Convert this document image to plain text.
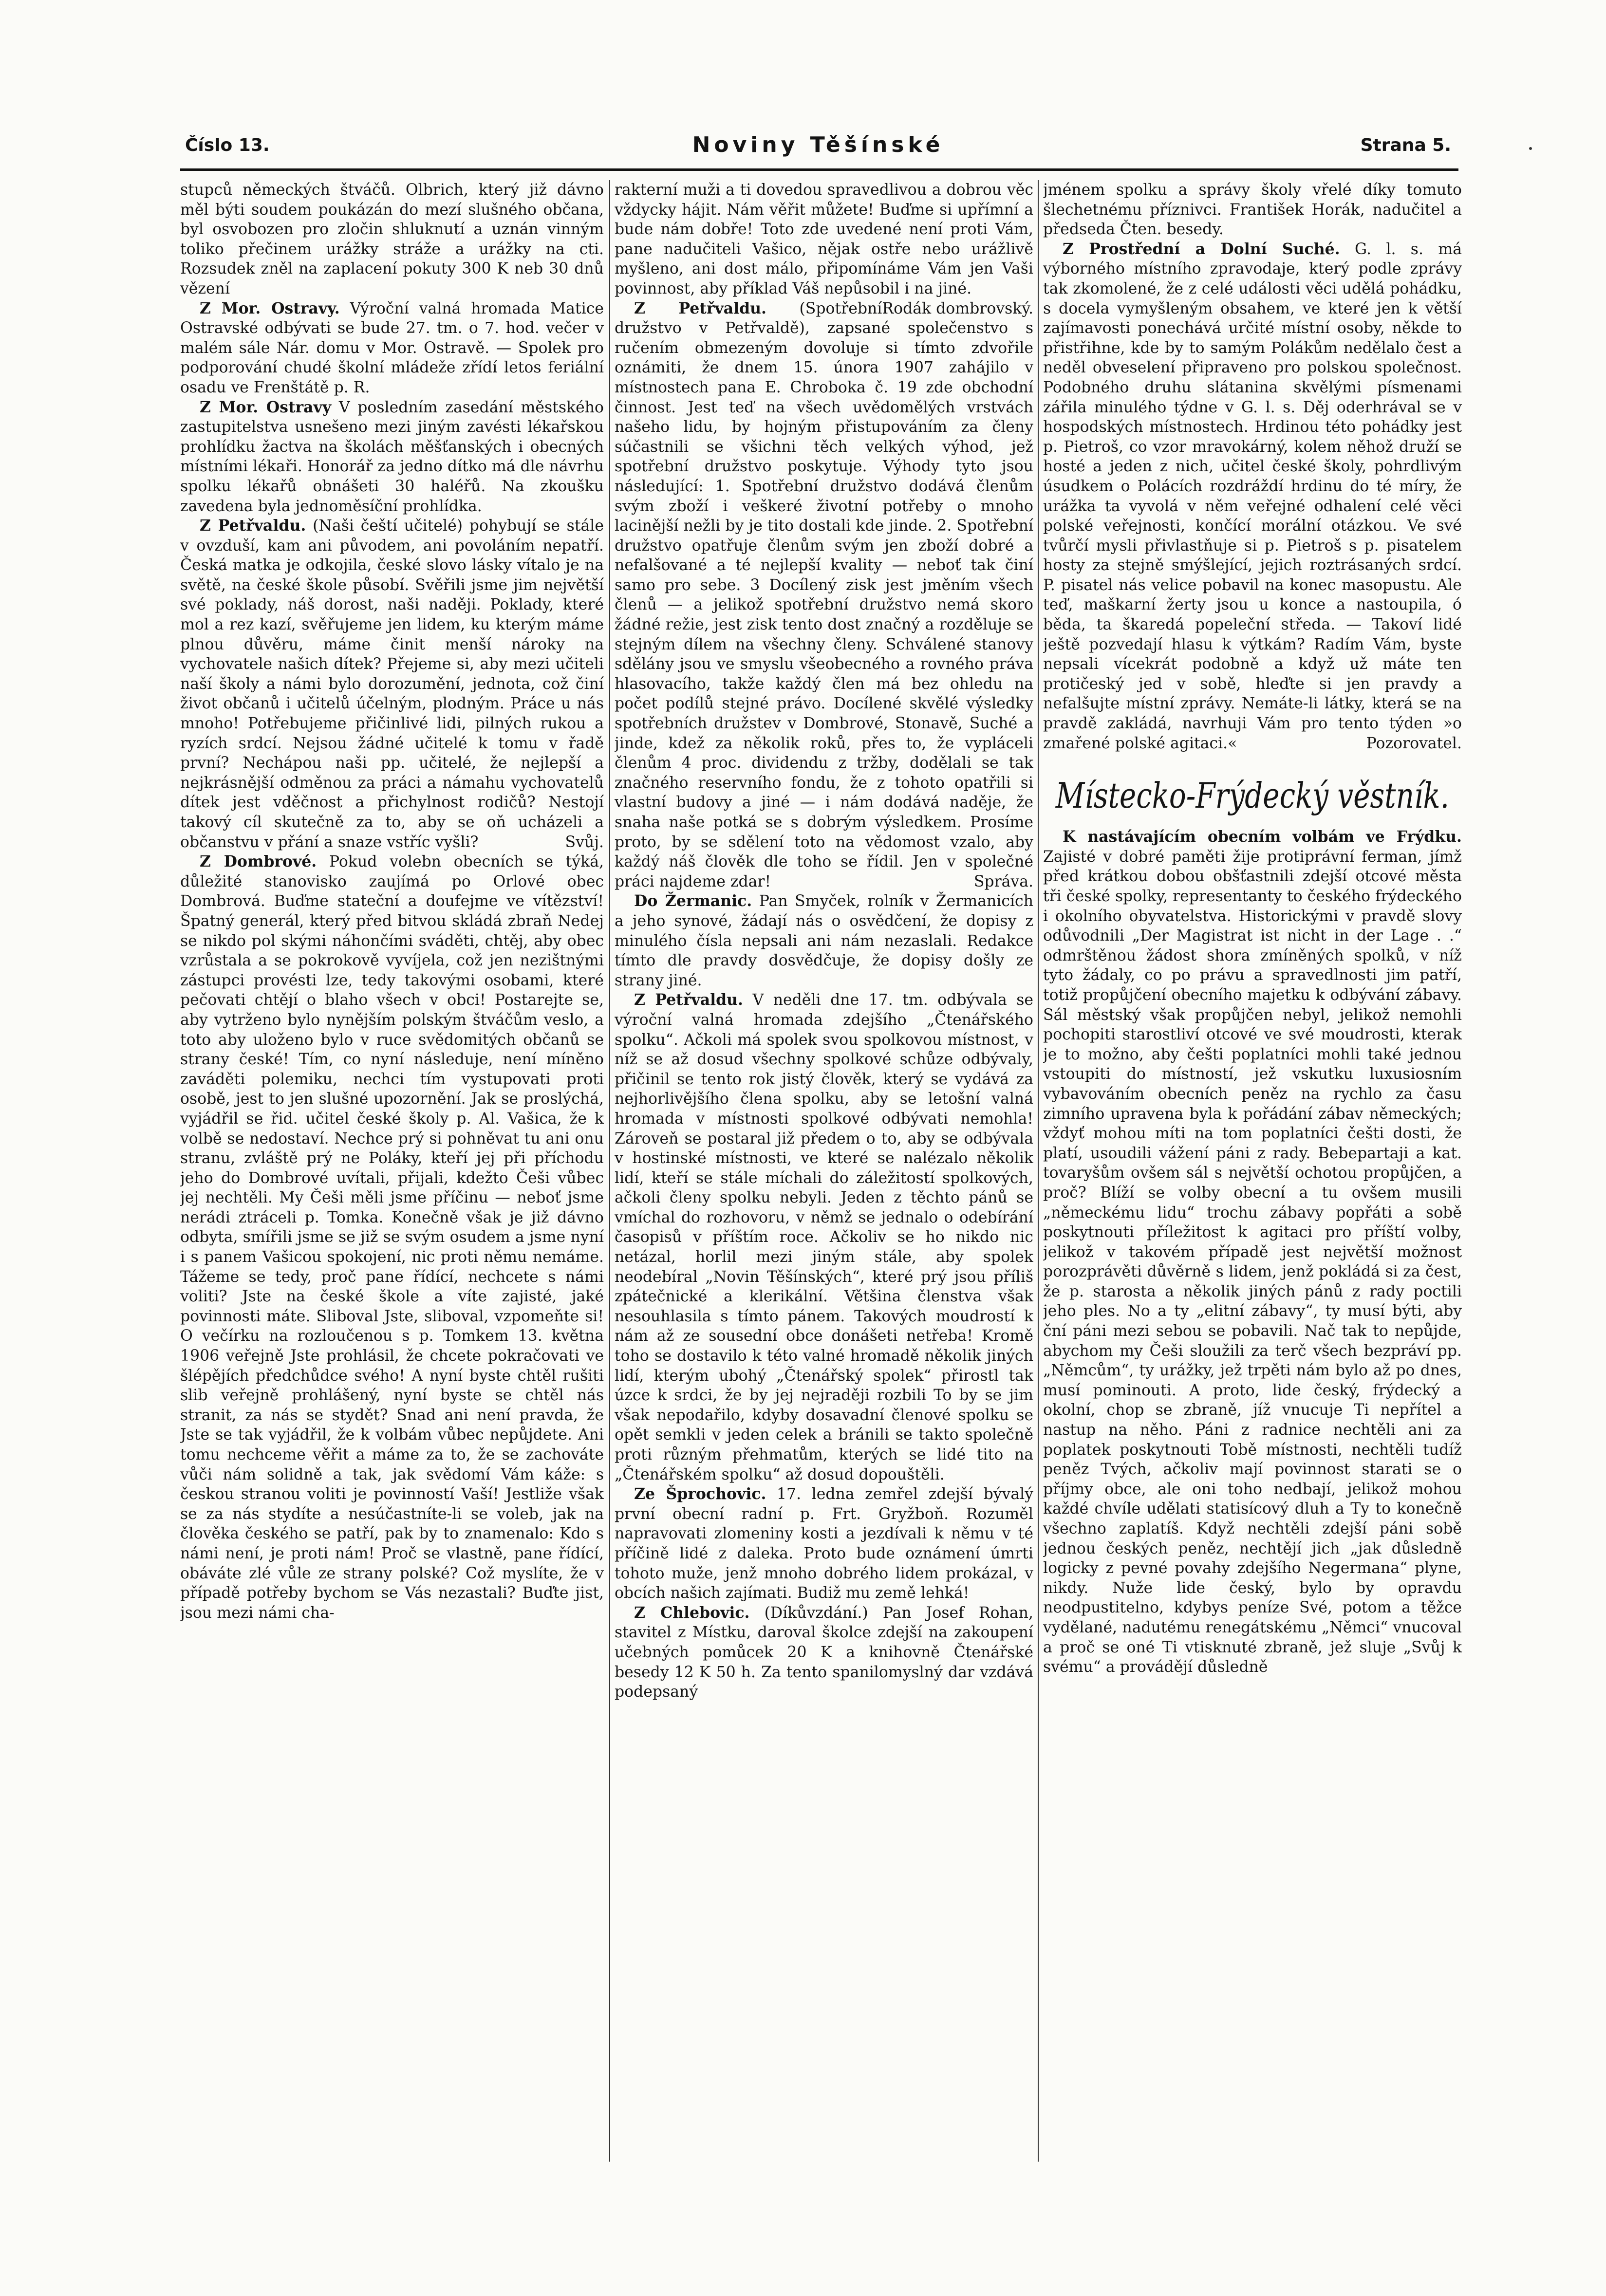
Číslo 13.	Noviny Těšínské	Strana 5.

stupců německých štváčů. Olbrich, který již dávno měl býti soudem poukázán do mezí slušného občana, byl osvobozen pro zločin shluknutí a uznán vinným toliko přečinem urážky stráže a urážky na cti. Rozsudek zněl na zaplacení pokuty 300 K neb 30 dnů vězení

Z Mor. Ostravy. Výroční valná hromada Matice Ostravské odbývati se bude 27. tm. o 7. hod. večer v malém sále Nár. domu v Mor. Ostravě. — Spolek pro podporování chudé školní mládeže zřídí letos feriální osadu ve Frenštátě p. R.

Z Mor. Ostravy V posledním zasedání městského zastupitelstva usnešeno mezi jiným zavésti lékařskou prohlídku žactva na školách měšťanských i obecných místními lékaři. Honorář za jedno dítko má dle návrhu spolku lékařů obnášeti 30 haléřů. Na zkoušku zavedena byla jednoměsíční prohlídka.

Z Petřvaldu. (Naši čeští učitelé) pohybují se stále v ovzduší, kam ani původem, ani povoláním nepatří. Česká matka je odkojila, české slovo lásky vítalo je na světě, na české škole působí. Svěřili jsme jim největší své poklady, náš dorost, naši naději. Poklady, které mol a rez kazí, svěřujeme jen lidem, ku kterým máme plnou důvěru, máme činit menší nároky na vychovatele našich dítek? Přejeme si, aby mezi učiteli naší školy a námi bylo dorozumění, jednota, což činí život občanů i učitelů účelným, plodným. Práce u nás mnoho! Potřebujeme přičinlivé lidi, pilných rukou a ryzích srdcí. Nejsou žádné učitelé k tomu v řadě první? Nechápou naši pp. učitelé, že nejlepší a nejkrásnější odměnou za práci a námahu vychovatelů dítek jest vděčnost a přichylnost rodičů? Nestojí takový cíl skutečně za to, aby se oň ucházeli a občanstvu v přání a snaze vstříc vyšli?	Svůj.

Z Dombrové. Pokud volebn obecních se týká, důležité stanovisko zaujímá po Orlové obec Dombrová. Buďme stateční a doufejme ve vítězství! Špatný generál, který před bitvou skládá zbraň Nedej se nikdo pol skými náhončími sváděti, chtěj, aby obec vzrůstala a se pokrokově vyvíjela, což jen nezištnými zástupci provésti lze, tedy takovými osobami, které pečovati chtějí o blaho všech v obci! Postarejte se, aby vytrženo bylo nynějším polským štváčům veslo, a toto aby uloženo bylo v ruce svědomitých občanů se strany české! Tím, co nyní následuje, není míněno zaváděti polemiku, nechci tím vystupovati proti osobě, jest to jen slušné upozornění. Jak se proslýchá, vyjádřil se řid. učitel české školy p. Al. Vašica, že k volbě se nedostaví. Nechce prý si pohněvat tu ani onu stranu, zvláště prý ne Poláky, kteří jej při příchodu jeho do Dombrové uvítali, přijali, kdežto Češi vůbec jej nechtěli. My Češi měli jsme příčinu — neboť jsme nerádi ztráceli p. Tomka. Konečně však je již dávno odbyta, smířili jsme se již se svým osudem a jsme nyní i s panem Vašicou spokojení, nic proti němu nemáme. Tážeme se tedy, proč pane řídící, nechcete s námi voliti? Jste na české škole a víte zajisté, jaké povinnosti máte. Sliboval Jste, sliboval, vzpomeňte si! O večírku na rozloučenou s p. Tomkem 13. května 1906 veřejně Jste prohlásil, že chcete pokračovati ve šlépějích předchůdce svého! A nyní byste chtěl rušiti slib veřejně prohlášený, nyní byste se chtěl nás stranit, za nás se stydět? Snad ani není pravda, že Jste se tak vyjádřil, že k volbám vůbec nepůjdete. Ani tomu nechceme věřit a máme za to, že se zachováte vůči nám solidně a tak, jak svědomí Vám káže: s českou stranou voliti je povinností Vaší! Jestliže však se za nás stydíte a nesúčastníte-li se voleb, jak na člověka českého se patří, pak by to znamenalo: Kdo s námi není, je proti nám! Proč se vlastně, pane řídící, obáváte zlé vůle ze strany polské? Což myslíte, že v případě potřeby bychom se Vás nezastali? Buďte jist, jsou mezi námi cha-

rakterní muži a ti dovedou spravedlivou a dobrou věc vždycky hájit. Nám věřit můžete! Buďme si upřímní a bude nám dobře! Toto zde uvedené není proti Vám, pane nadučiteli Vašico, nějak ostře nebo urážlivě myšleno, ani dost málo, připomínáme Vám jen Vaši povinnost, aby příklad Váš nepůsobil i na jiné.
Rodák dombrovský.

Z Petřvaldu. (Spotřební družstvo v Petřvaldě), zapsané společenstvo s ručením obmezeným dovoluje si tímto zdvořile oznámiti, že dnem 15. února 1907 zahájilo v místnostech pana E. Chroboka č. 19 zde obchodní činnost. Jest teď na všech uvědomělých vrstvách našeho lidu, by hojným přistupováním za členy súčastnili se všichni těch velkých výhod, jež spotřební družstvo poskytuje. Výhody tyto jsou následující: 1. Spotřební družstvo dodává členům svým zboží i veškeré životní potřeby o mnoho lacinější nežli by je tito dostali kde jinde. 2. Spotřební družstvo opatřuje členům svým jen zboží dobré a nefalšované a té nejlepší kvality — neboť tak činí samo pro sebe. 3 Docílený zisk jest jměním všech členů — a jelikož spotřební družstvo nemá skoro žádné režie, jest zisk tento dost značný a rozděluje se stejným dílem na všechny členy. Schválené stanovy sdělány jsou ve smyslu všeobecného a rovného práva hlasovacího, takže každý člen má bez ohledu na počet podílů stejné právo. Docílené skvělé výsledky spotřebních družstev v Dombrové, Stonavě, Suché a jinde, kdež za několik roků, přes to, že vypláceli členům 4 proc. dividendu z tržby, dodělali se tak značného reservního fondu, že z tohoto opatřili si vlastní budovy a jiné — i nám dodává naděje, že snaha naše potká se s dobrým výsledkem. Prosíme proto, by se sdělení toto na vědomost vzalo, aby každý náš člověk dle toho se řídil. Jen v společné práci najdeme zdar!	Správa.

Do Žermanic. Pan Smyček, rolník v Žermanicích a jeho synové, žádají nás o osvědčení, že dopisy z minulého čísla nepsali ani nám nezaslali. Redakce tímto dle pravdy dosvědčuje, že dopisy došly ze strany jiné.

Z Petřvaldu. V neděli dne 17. tm. odbývala se výroční valná hromada zdejšího „Čtenářského spolku“. Ačkoli má spolek svou spolkovou místnost, v níž se až dosud všechny spolkové schůze odbývaly, přičinil se tento rok jistý člověk, který se vydává za nejhorlivějšího člena spolku, aby se letošní valná hromada v místnosti spolkové odbývati nemohla! Zároveň se postaral již předem o to, aby se odbývala v hostinské místnosti, ve které se nalézalo několik lidí, kteří se stále míchali do záležitostí spolkových, ačkoli členy spolku nebyli. Jeden z těchto pánů se vmíchal do rozhovoru, v němž se jednalo o odebírání časopisů v příštím roce. Ačkoliv se ho nikdo nic netázal, horlil mezi jiným stále, aby spolek neodebíral „Novin Těšínských“, které prý jsou příliš zpátečnické a klerikální. Většina členstva však nesouhlasila s tímto pánem. Takových moudrostí k nám až ze sousední obce donášeti netřeba! Kromě toho se dostavilo k této valné hromadě několik jiných lidí, kterým ubohý „Čtenářský spolek“ přirostl tak úzce k srdci, že by jej nejraději rozbili To by se jim však nepodařilo, kdyby dosavadní členové spolku se opět semkli v jeden celek a bránili se takto společně proti různým přehmatům, kterých se lidé tito na „Čtenářském spolku“ až dosud dopouštěli.

Ze Šprochovic. 17. ledna zemřel zdejší bývalý první obecní radní p. Frt. Gryžboň. Rozuměl napravovati zlomeniny kosti a jezdívali k němu v té příčině lidé z daleka. Proto bude oznámení úmrti tohoto muže, jenž mnoho dobrého lidem prokázal, v obcích našich zajímati. Budiž mu země lehká!

Z Chlebovic. (Díkůvzdání.) Pan Josef Rohan, stavitel z Místku, daroval školce zdejší na zakoupení učebných pomůcek 20 K a knihovně Čtenářské besedy 12 K 50 h. Za tento spanilomyslný dar vzdává podepsaný

jménem spolku a správy školy vřelé díky tomuto šlechetnému příznivci. František Horák, nadučitel a předseda Čten. besedy.

Z Prostřední a Dolní Suché. G. l. s. má výborného místního zpravodaje, který podle zprávy tak zkomolené, že z celé události věci udělá pohádku, s docela vymyšleným obsahem, ve které jen k větší zajímavosti ponechává určité místní osoby, někde to přistřihne, kde by to samým Polákům nedělalo čest a neděl obveselení připraveno pro polskou společnost. Podobného druhu slátanina skvělými písmenami zářila minulého týdne v G. l. s. Děj oderhrával se v hospodských místnostech. Hrdinou této pohádky jest p. Pietroš, co vzor mravokárný, kolem něhož druží se hosté a jeden z nich, učitel české školy, pohrdlivým úsudkem o Polácích rozdráždí hrdinu do té míry, že urážka ta vyvolá v něm veřejné odhalení celé věci polské veřejnosti, končící morální otázkou. Ve své tvůrčí mysli přivlastňuje si p. Pietroš s p. pisatelem hosty za stejně smýšlející, jejich roztrásaných srdcí. P. pisatel nás velice pobavil na konec masopustu. Ale teď, maškarní žerty jsou u konce a nastoupila, ó běda, ta škaredá popeleční středa. — Takoví lidé ještě pozvedají hlasu k výtkám? Radím Vám, byste nepsali vícekrát podobně a když už máte ten protičeský jed v sobě, hleďte si jen pravdy a nefalšujte místní zprávy. Nemáte-li látky, která se na pravdě zakládá, navrhuji Vám pro tento týden »o zmařené polské agitaci.«	Pozorovatel.

Místecko-Frýdecký věstník.

K nastávajícím obecním volbám ve Frýdku. Zajisté v dobré paměti žije protiprávní ferman, jímž před krátkou dobou obšťastnili zdejší otcové města tři české spolky, representanty to českého frýdeckého i okolního obyvatelstva. Historickými v pravdě slovy odůvodnili „Der Magistrat ist nicht in der Lage . .“ odmrštěnou žádost shora zmíněných spolků, v níž tyto žádaly, co po právu a spravedlnosti jim patří, totiž propůjčení obecního majetku k odbývání zábavy. Sál městský však propůjčen nebyl, jelikož nemohli pochopiti starostliví otcové ve své moudrosti, kterak je to možno, aby češti poplatníci mohli také jednou vstoupiti do místností, jež vskutku luxusiosním vybavováním obecních peněz na rychlo za času zimního upravena byla k pořádání zábav německých; vždyť mohou míti na tom poplatníci češti dosti, že platí, usoudili vážení páni z rady. Bebepartaji a kat. tovaryšům ovšem sál s největší ochotou propůjčen, a proč? Blíží se volby obecní a tu ovšem musili „německému lidu“ trochu zábavy popřáti a sobě poskytnouti příležitost k agitaci pro příští volby, jelikož v takovém případě jest největší možnost porozprávěti důvěrně s lidem, jenž pokládá si za čest, že p. starosta a několik jiných pánů z rady poctili jeho ples. No a ty „elitní zábavy“, ty musí býti, aby ční páni mezi sebou se pobavili. Nač tak to nepůjde, abychom my Češi sloužili za terč všech bezpráví pp. „Němcům“, ty urážky, jež trpěti nám bylo až po dnes, musí pominouti. A proto, lide český, frýdecký a okolní, chop se zbraně, jíž vnucuje Ti nepřítel a nastup na něho. Páni z radnice nechtěli ani za poplatek poskytnouti Tobě místnosti, nechtěli tudíž peněz Tvých, ačkoliv mají povinnost starati se o příjmy obce, ale oni toho nedbají, jelikož mohou každé chvíle udělati statisícový dluh a Ty to konečně všechno zaplatíš. Když nechtěli zdejší páni sobě jednou českých peněz, nechtějí jich „jak důsledně logicky z pevné povahy zdejšího Negermana“ plyne, nikdy. Nuže lide český, bylo by opravdu neodpustitelno, kdybys peníze Své, potom a těžce vydělané, nadutému renegátskému „Němci“ vnucoval a proč se oné Ti vtisknuté zbraně, jež sluje „Svůj k svému“ a provádějí důsledně
